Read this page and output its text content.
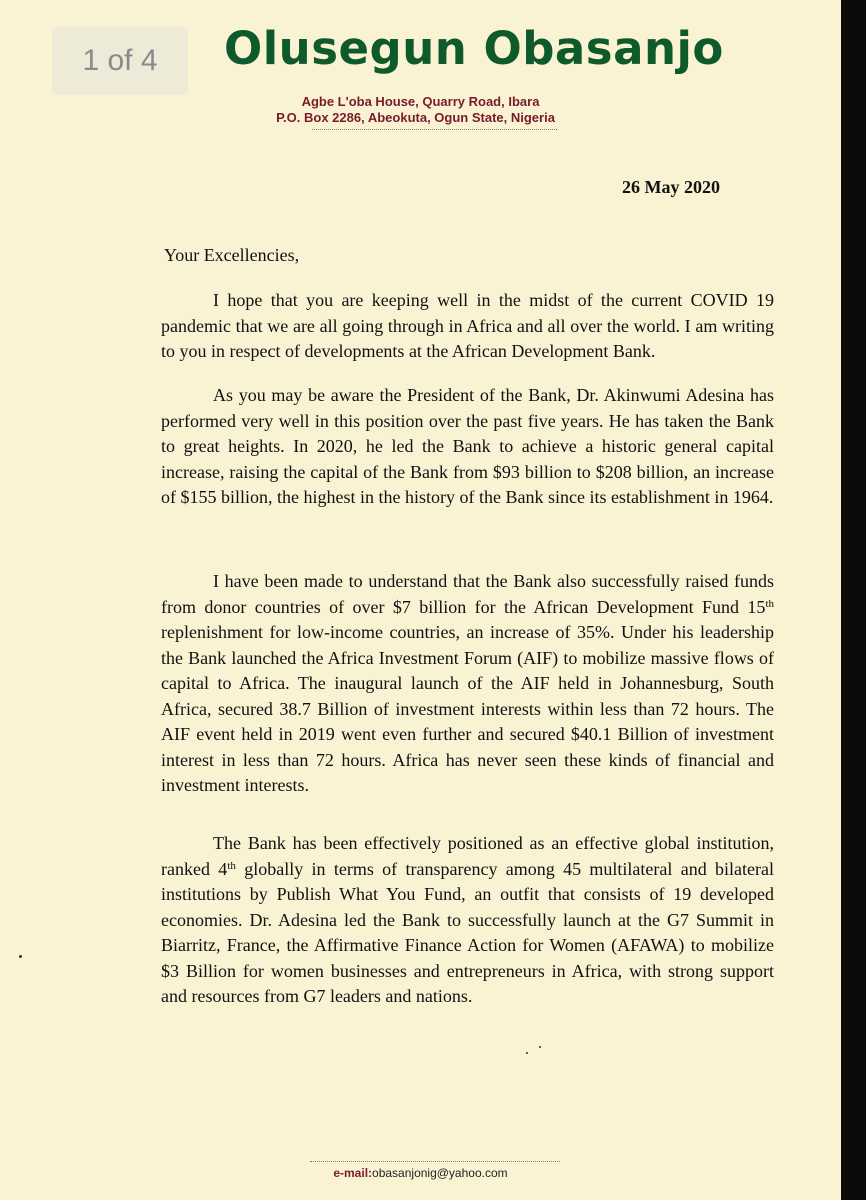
1 of 4	Olusegun Obasanjo
Agbe L'oba House, Quarry Road, Ibara
P.O. Box 2286, Abeokuta, Ogun State, Nigeria
26 May 2020
Your Excellencies,
I hope that you are keeping well in the midst of the current COVID 19 pandemic that we are all going through in Africa and all over the world. I am writing to you in respect of developments at the African Development Bank.
As you may be aware the President of the Bank, Dr. Akinwumi Adesina has performed very well in this position over the past five years. He has taken the Bank to great heights. In 2020, he led the Bank to achieve a historic general capital increase, raising the capital of the Bank from $93 billion to $208 billion, an increase of $155 billion, the highest in the history of the Bank since its establishment in 1964.
I have been made to understand that the Bank also successfully raised funds from donor countries of over $7 billion for the African Development Fund 15th replenishment for low-income countries, an increase of 35%. Under his leadership the Bank launched the Africa Investment Forum (AIF) to mobilize massive flows of capital to Africa. The inaugural launch of the AIF held in Johannesburg, South Africa, secured 38.7 Billion of investment interests within less than 72 hours. The AIF event held in 2019 went even further and secured $40.1 Billion of investment interest in less than 72 hours. Africa has never seen these kinds of financial and investment interests.
The Bank has been effectively positioned as an effective global institution, ranked 4th globally in terms of transparency among 45 multilateral and bilateral institutions by Publish What You Fund, an outfit that consists of 19 developed economies. Dr. Adesina led the Bank to successfully launch at the G7 Summit in Biarritz, France, the Affirmative Finance Action for Women (AFAWA) to mobilize $3 Billion for women businesses and entrepreneurs in Africa, with strong support and resources from G7 leaders and nations.
e-mail:obasanjonig@yahoo.com
